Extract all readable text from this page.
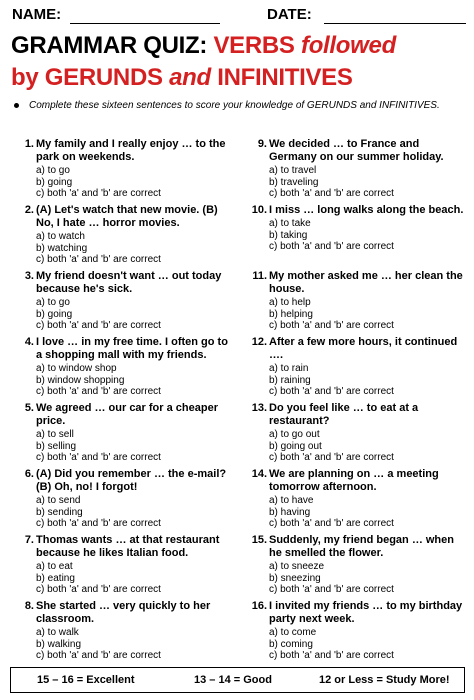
NAME:	DATE:
GRAMMAR QUIZ: VERBS followed
by GERUNDS and INFINITIVES
Complete these sixteen sentences to score your knowledge of GERUNDS and INFINITIVES.
1. My family and I really enjoy … to the park on weekends.
a) to go
b) going
c) both 'a' and 'b' are correct
2. (A) Let's watch that new movie. (B) No, I hate … horror movies.
a) to watch
b) watching
c) both 'a' and 'b' are correct
3. My friend doesn't want … out today because he's sick.
a) to go
b) going
c) both 'a' and 'b' are correct
4. I love … in my free time. I often go to a shopping mall with my friends.
a) to window shop
b) window shopping
c) both 'a' and 'b' are correct
5. We agreed … our car for a cheaper price.
a) to sell
b) selling
c) both 'a' and 'b' are correct
6. (A) Did you remember … the e-mail? (B) Oh, no! I forgot!
a) to send
b) sending
c) both 'a' and 'b' are correct
7. Thomas wants … at that restaurant because he likes Italian food.
a) to eat
b) eating
c) both 'a' and 'b' are correct
8. She started … very quickly to her classroom.
a) to walk
b) walking
c) both 'a' and 'b' are correct
9. We decided … to France and Germany on our summer holiday.
a) to travel
b) traveling
c) both 'a' and 'b' are correct
10. I miss … long walks along the beach.
a) to take
b) taking
c) both 'a' and 'b' are correct
11. My mother asked me … her clean the house.
a) to help
b) helping
c) both 'a' and 'b' are correct
12. After a few more hours, it continued ….
a) to rain
b) raining
c) both 'a' and 'b' are correct
13. Do you feel like … to eat at a restaurant?
a) to go out
b) going out
c) both 'a' and 'b' are correct
14. We are planning on … a meeting tomorrow afternoon.
a) to have
b) having
c) both 'a' and 'b' are correct
15. Suddenly, my friend began … when he smelled the flower.
a) to sneeze
b) sneezing
c) both 'a' and 'b' are correct
16. I invited my friends … to my birthday party next week.
a) to come
b) coming
c) both 'a' and 'b' are correct
15 – 16 = Excellent	13 – 14 = Good	12 or Less = Study More!
